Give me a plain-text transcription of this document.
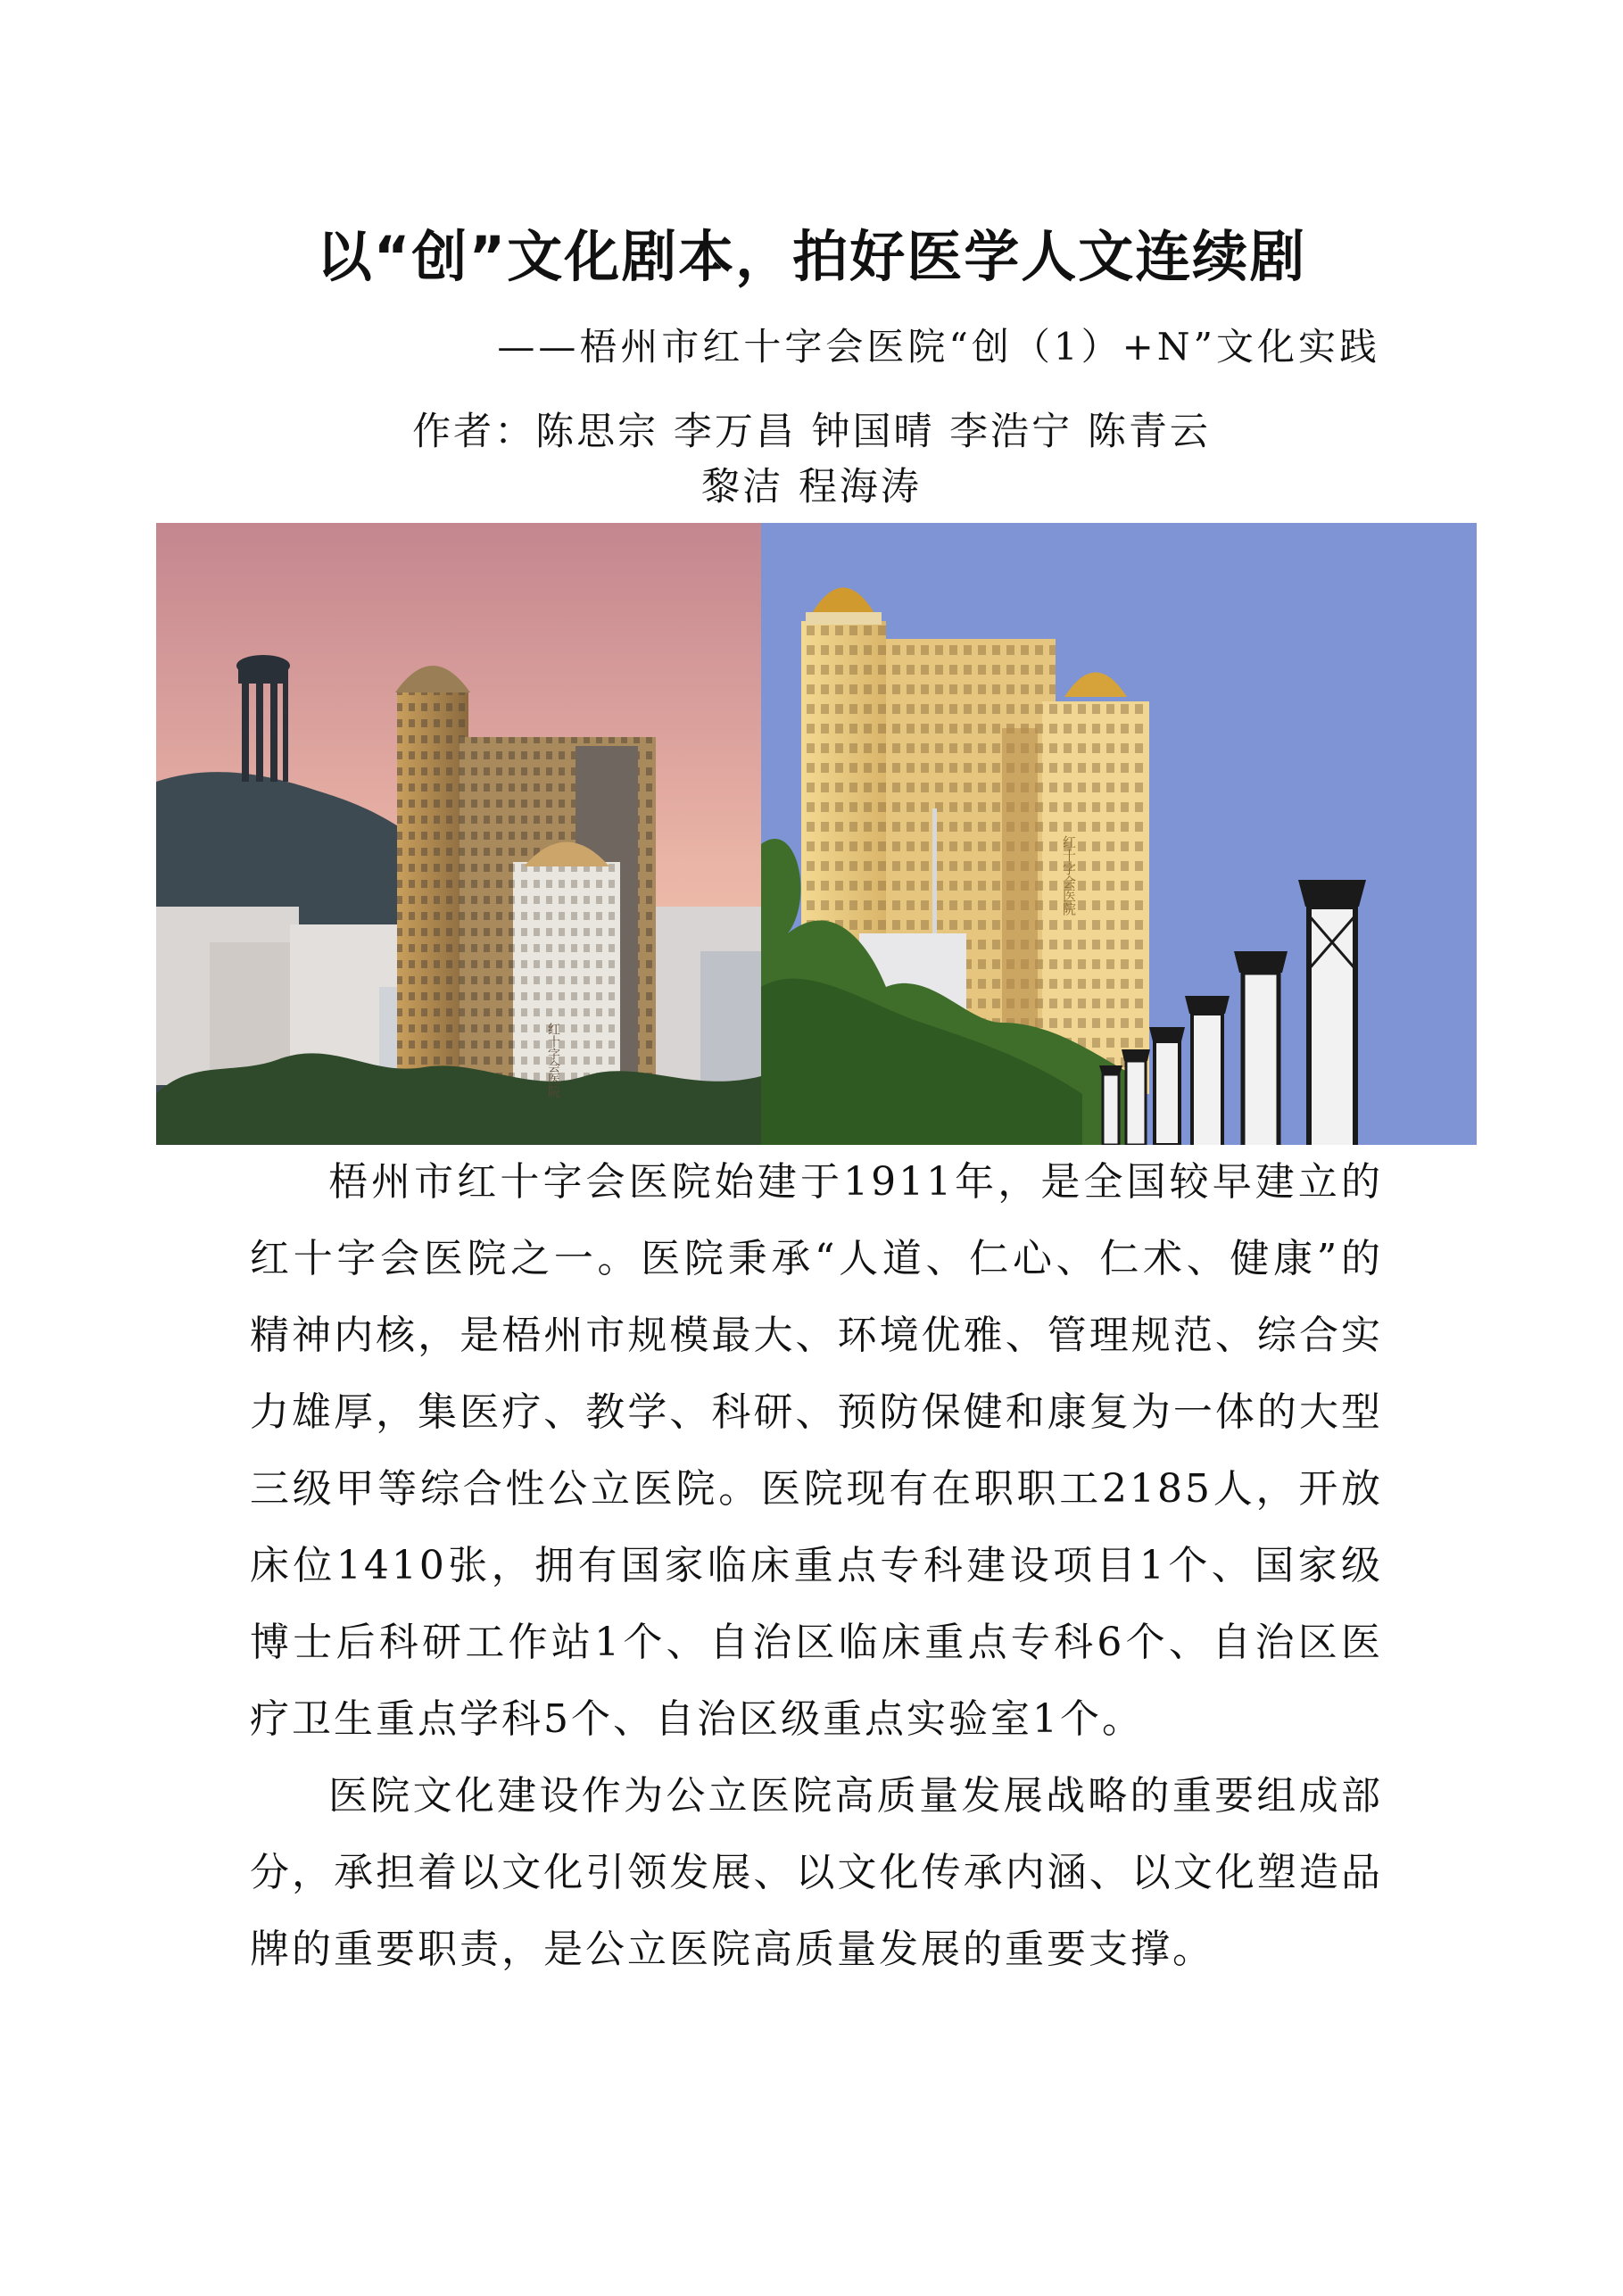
以“创”文化剧本，拍好医学人文连续剧

——梧州市红十字会医院“创（1）+N”文化实践

作者：陈思宗 李万昌 钟国晴 李浩宁 陈青云

黎洁 程海涛

红十字会医院
红十字会医院

梧州市红十字会医院始建于1911年，是全国较早建立的红十字会医院之一。医院秉承“人道、仁心、仁术、健康”的精神内核，是梧州市规模最大、环境优雅、管理规范、综合实力雄厚，集医疗、教学、科研、预防保健和康复为一体的大型三级甲等综合性公立医院。医院现有在职职工2185人，开放床位1410张，拥有国家临床重点专科建设项目1个、国家级博士后科研工作站1个、自治区临床重点专科6个、自治区医疗卫生重点学科5个、自治区级重点实验室1个。

医院文化建设作为公立医院高质量发展战略的重要组成部分，承担着以文化引领发展、以文化传承内涵、以文化塑造品牌的重要职责，是公立医院高质量发展的重要支撑。
